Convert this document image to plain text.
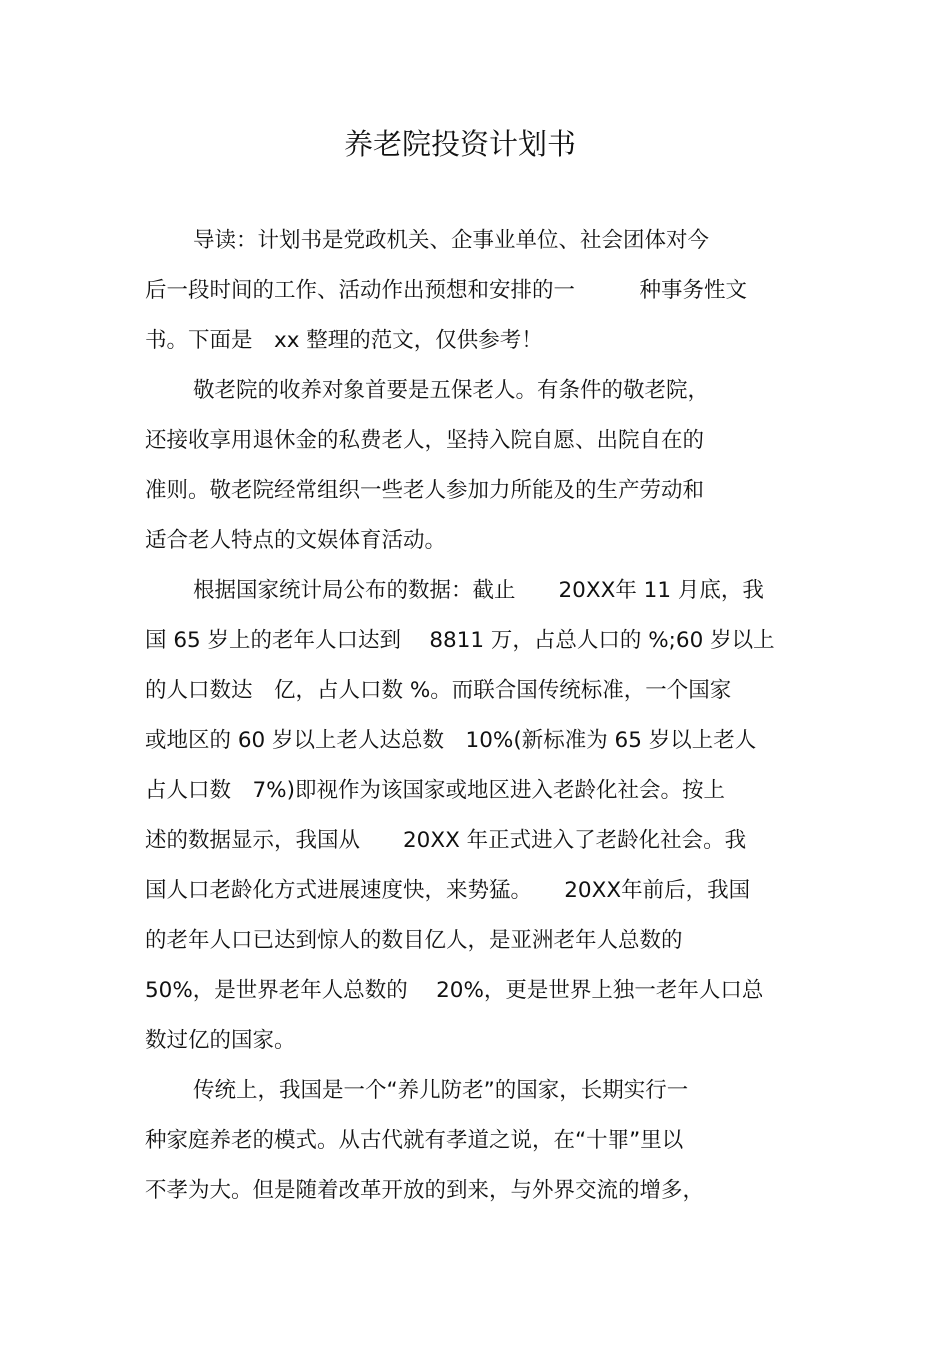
养老院投资计划书
导读：计划书是党政机关、企事业单位、社会团体对今
后一段时间的工作、活动作出预想和安排的一　　　种事务性文
书。下面是　xx 整理的范文，仅供参考！
敬老院的收养对象首要是五保老人。有条件的敬老院，
还接收享用退休金的私费老人，坚持入院自愿、出院自在的
准则。敬老院经常组织一些老人参加力所能及的生产劳动和
适合老人特点的文娱体育活动。
根据国家统计局公布的数据：截止　　20XX年 11 月底，我
国 65 岁上的老年人口达到　 8811 万，占总人口的 %;60 岁以上
的人口数达　亿，占人口数 %。而联合国传统标准，一个国家
或地区的 60 岁以上老人达总数　10%(新标准为 65 岁以上老人
占人口数　7%)即视作为该国家或地区进入老龄化社会。按上
述的数据显示，我国从　　20XX 年正式进入了老龄化社会。我
国人口老龄化方式进展速度快，来势猛。　　20XX年前后，我国
的老年人口已达到惊人的数目亿人，是亚洲老年人总数的
50%，是世界老年人总数的　 20%，更是世界上独一老年人口总
数过亿的国家。
传统上，我国是一个“养儿防老”的国家，长期实行一
种家庭养老的模式。从古代就有孝道之说，在“十罪”里以
不孝为大。但是随着改革开放的到来，与外界交流的增多，
